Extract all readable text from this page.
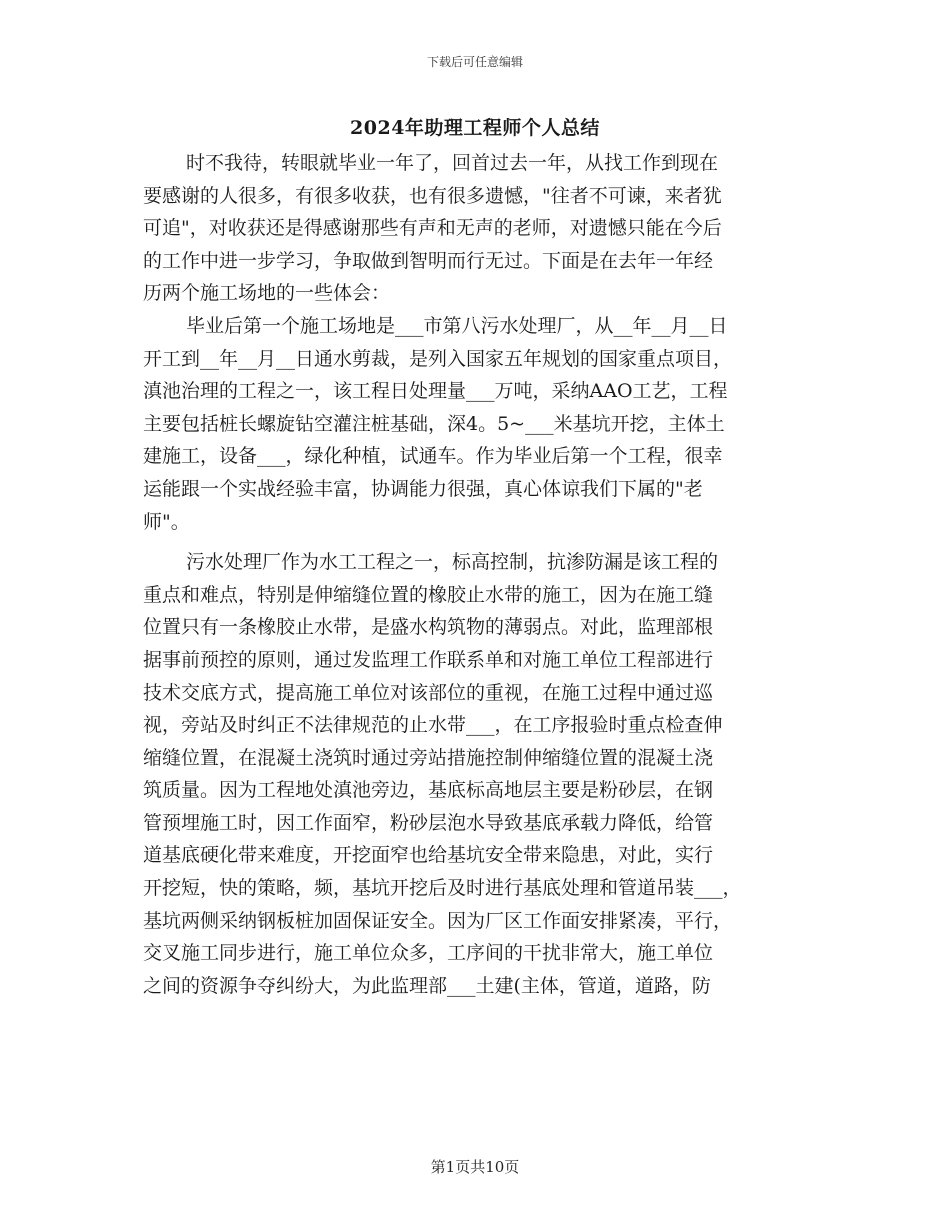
下载后可任意编辑
2024年助理工程师个人总结
时不我待，转眼就毕业一年了，回首过去一年，从找工作到现在
要感谢的人很多，有很多收获，也有很多遗憾，"往者不可谏，来者犹
可追"，对收获还是得感谢那些有声和无声的老师，对遗憾只能在今后
的工作中进一步学习，争取做到智明而行无过。下面是在去年一年经
历两个施工场地的一些体会：
毕业后第一个施工场地是___市第八污水处理厂，从__年__月__日
开工到__年__月__日通水剪裁，是列入国家五年规划的国家重点项目，
滇池治理的工程之一，该工程日处理量___万吨，采纳AAO工艺，工程
主要包括桩长螺旋钻空灌注桩基础，深4。5~___米基坑开挖，主体土
建施工，设备___，绿化种植，试通车。作为毕业后第一个工程，很幸
运能跟一个实战经验丰富，协调能力很强，真心体谅我们下属的"老
师"。
污水处理厂作为水工工程之一，标高控制，抗渗防漏是该工程的
重点和难点，特别是伸缩缝位置的橡胶止水带的施工，因为在施工缝
位置只有一条橡胶止水带，是盛水构筑物的薄弱点。对此，监理部根
据事前预控的原则，通过发监理工作联系单和对施工单位工程部进行
技术交底方式，提高施工单位对该部位的重视，在施工过程中通过巡
视，旁站及时纠正不法律规范的止水带___，在工序报验时重点检查伸
缩缝位置，在混凝土浇筑时通过旁站措施控制伸缩缝位置的混凝土浇
筑质量。因为工程地处滇池旁边，基底标高地层主要是粉砂层，在钢
管预埋施工时，因工作面窄，粉砂层泡水导致基底承载力降低，给管
道基底硬化带来难度，开挖面窄也给基坑安全带来隐患，对此，实行
开挖短，快的策略，频，基坑开挖后及时进行基底处理和管道吊装___，
基坑两侧采纳钢板桩加固保证安全。因为厂区工作面安排紧凑，平行，
交叉施工同步进行，施工单位众多，工序间的干扰非常大，施工单位
之间的资源争夺纠纷大，为此监理部___土建(主体，管道，道路，防
第1页共10页
